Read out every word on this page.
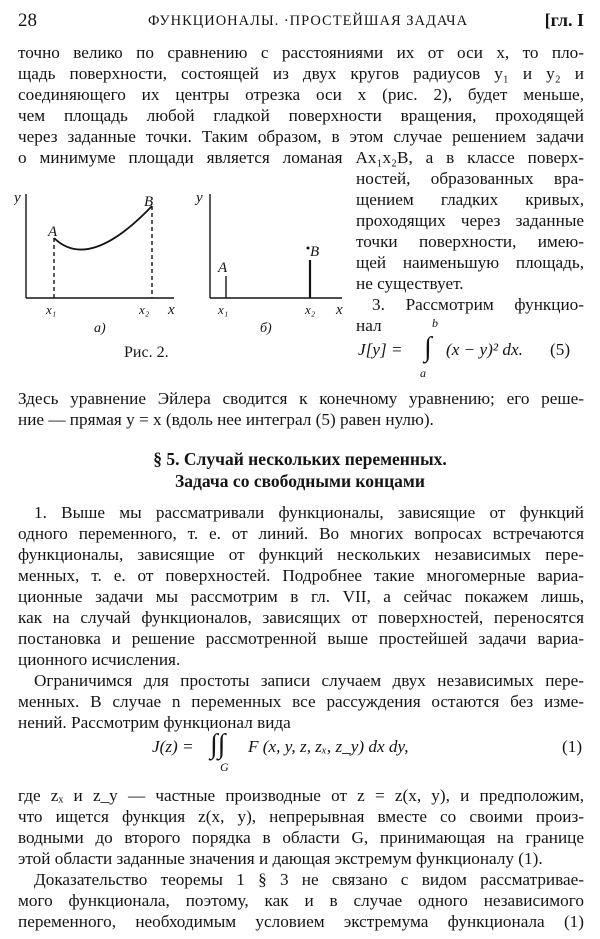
28	ФУНКЦИОНАЛЫ. ·ПРОСТЕЙШАЯ ЗАДАЧА	[гл. I
точно велико по сравнению с расстояниями их от оси x, то пло-
щадь поверхности, состоящей из двух кругов радиусов y₁ и y₂ и
соединяющего их центры отрезка оси x (рис. 2), будет меньше,
чем площадь любой гладкой поверхности вращения, проходящей
через заданные точки. Таким образом, в этом случае решением задачи
о минимуме площади является ломаная Ax₁x₂B, а в классе поверх-
ностей, образованных вра-
щением гладких кривых,
проходящих через заданные
точки поверхности, имею-
щей наименьшую площадь,
не существует.
3. Рассмотрим функцио-
нал
y
x
A
B
x₁	x₂
а)
y
x
A
B
x₁	x₂
б)
Рис. 2.	J[y] = ∫
b
a
(x − y)² dx. (5)
Здесь уравнение Эйлера сводится к конечному уравнению; его реше-
ние — прямая y = x (вдоль нее интеграл (5) равен нулю).
§ 5. Случай нескольких переменных.
Задача со свободными концами
1. Выше мы рассматривали функционалы, зависящие от функций
одного переменного, т. е. от линий. Во многих вопросах встречаются
функционалы, зависящие от функций нескольких независимых пере-
менных, т. е. от поверхностей. Подробнее такие многомерные вариа-
ционные задачи мы рассмотрим в гл. VII, а сейчас покажем лишь,
как на случай функционалов, зависящих от поверхностей, переносятся
постановка и решение рассмотренной выше простейшей задачи вариа-
ционного исчисления.
Ограничимся для простоты записи случаем двух независимых пере-
менных. В случае n переменных все рассуждения остаются без изме-
нений. Рассмотрим функционал вида
J(z) = ∫∫
G
F (x, y, z, zₓ, z_y) dx dy,	(1)
где zₓ и z_y — частные производные от z = z(x, y), и предположим,
что ищется функция z(x, y), непрерывная вместе со своими произ-
водными до второго порядка в области G, принимающая на границе
этой области заданные значения и дающая экстремум функционалу (1).
Доказательство теоремы 1 § 3 не связано с видом рассматривае-
мого функционала, поэтому, как и в случае одного независимого
переменного, необходимым условием экстремума функционала (1)
